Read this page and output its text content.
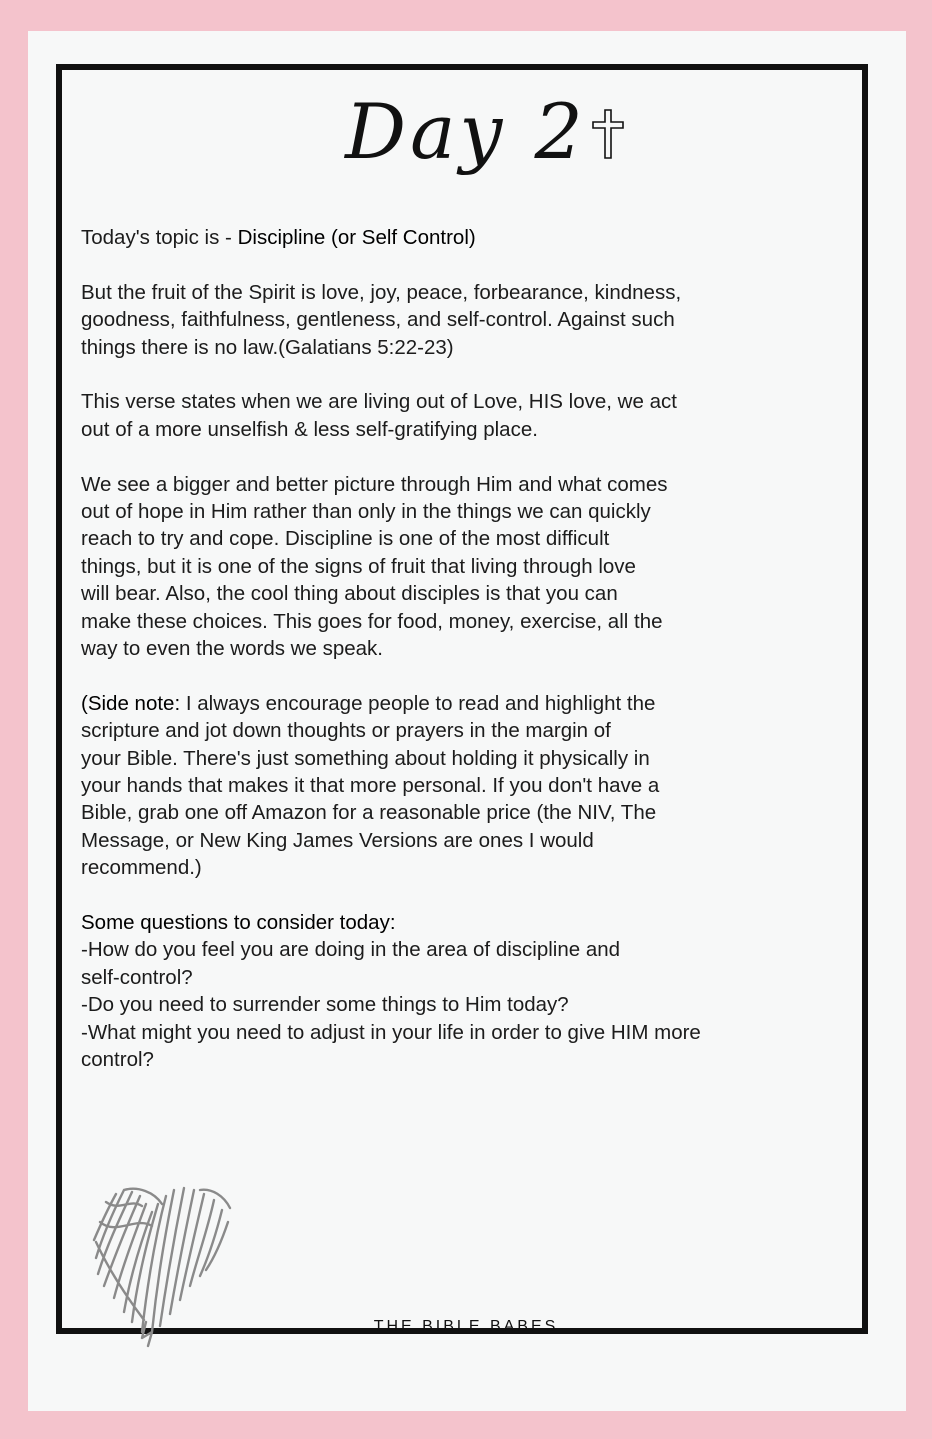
Day 2

Today's topic is - Discipline (or Self Control)

But the fruit of the Spirit is love, joy, peace, forbearance, kindness,
goodness, faithfulness, gentleness, and self-control. Against such
things there is no law.(Galatians 5:22-23)

This verse states when we are living out of Love, HIS love, we act
out of a more unselfish & less self-gratifying place.

We see a bigger and better picture through Him and what comes
out of hope in Him rather than only in the things we can quickly
reach to try and cope. Discipline is one of the most difficult
things, but it is one of the signs of fruit that living through love
will bear. Also, the cool thing about disciples is that you can
make these choices. This goes for food, money, exercise, all the
way to even the words we speak.

(Side note: I always encourage people to read and highlight the
scripture and jot down thoughts or prayers in the margin of
your Bible. There's just something about holding it physically in
your hands that makes it that more personal. If you don't have a
Bible, grab one off Amazon for a reasonable price (the NIV, The
Message, or New King James Versions are ones I would
recommend.)

Some questions to consider today:
-How do you feel you are doing in the area of discipline and
self-control?
-Do you need to surrender some things to Him today?
-What might you need to adjust in your life in order to give HIM more
control?

THE BIBLE BABES
